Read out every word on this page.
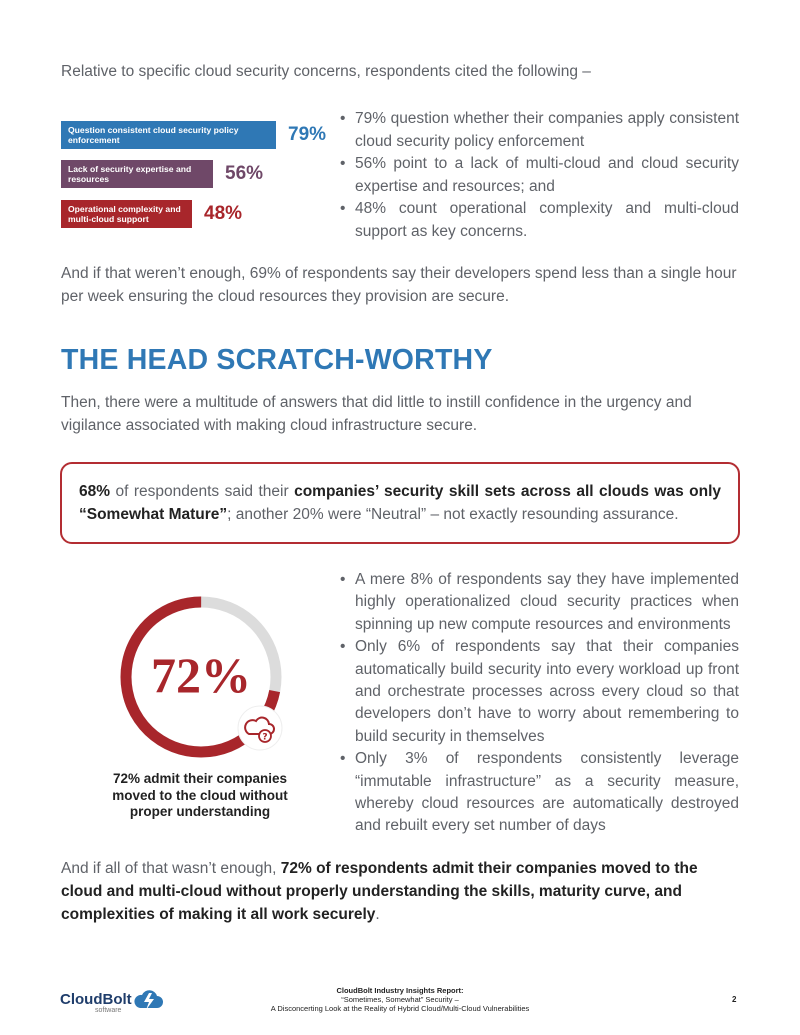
Relative to specific cloud security concerns, respondents cited the following –
Question consistent cloud security policy enforcement	79%
Lack of security expertise and resources	56%
Operational complexity and multi-cloud support	48%
• 79% question whether their companies apply consistent cloud security policy enforcement
• 56% point to a lack of multi-cloud and cloud security expertise and resources; and
• 48% count operational complexity and multi-cloud support as key concerns.
And if that weren’t enough, 69% of respondents say their developers spend less than a single hour per week ensuring the cloud resources they provision are secure.
THE HEAD SCRATCH-WORTHY
Then, there were a multitude of answers that did little to instill confidence in the urgency and vigilance associated with making cloud infrastructure secure.
68% of respondents said their companies’ security skill sets across all clouds was only “Somewhat Mature”; another 20% were “Neutral” – not exactly resounding assurance.
72%
?
72% admit their companies moved to the cloud without proper understanding
• A mere 8% of respondents say they have implemented highly operationalized cloud security practices when spinning up new compute resources and environments
• Only 6% of respondents say that their companies automatically build security into every workload up front and orchestrate processes across every cloud so that developers don’t have to worry about remembering to build security in themselves
• Only 3% of respondents consistently leverage “immutable infrastructure” as a security measure, whereby cloud resources are automatically destroyed and rebuilt every set number of days
And if all of that wasn’t enough, 72% of respondents admit their companies moved to the cloud and multi-cloud without properly understanding the skills, maturity curve, and complexities of making it all work securely.
CloudBolt
software
CloudBolt Industry Insights Report:
“Sometimes, Somewhat” Security –
A Disconcerting Look at the Reality of Hybrid Cloud/Multi-Cloud Vulnerabilities
2
